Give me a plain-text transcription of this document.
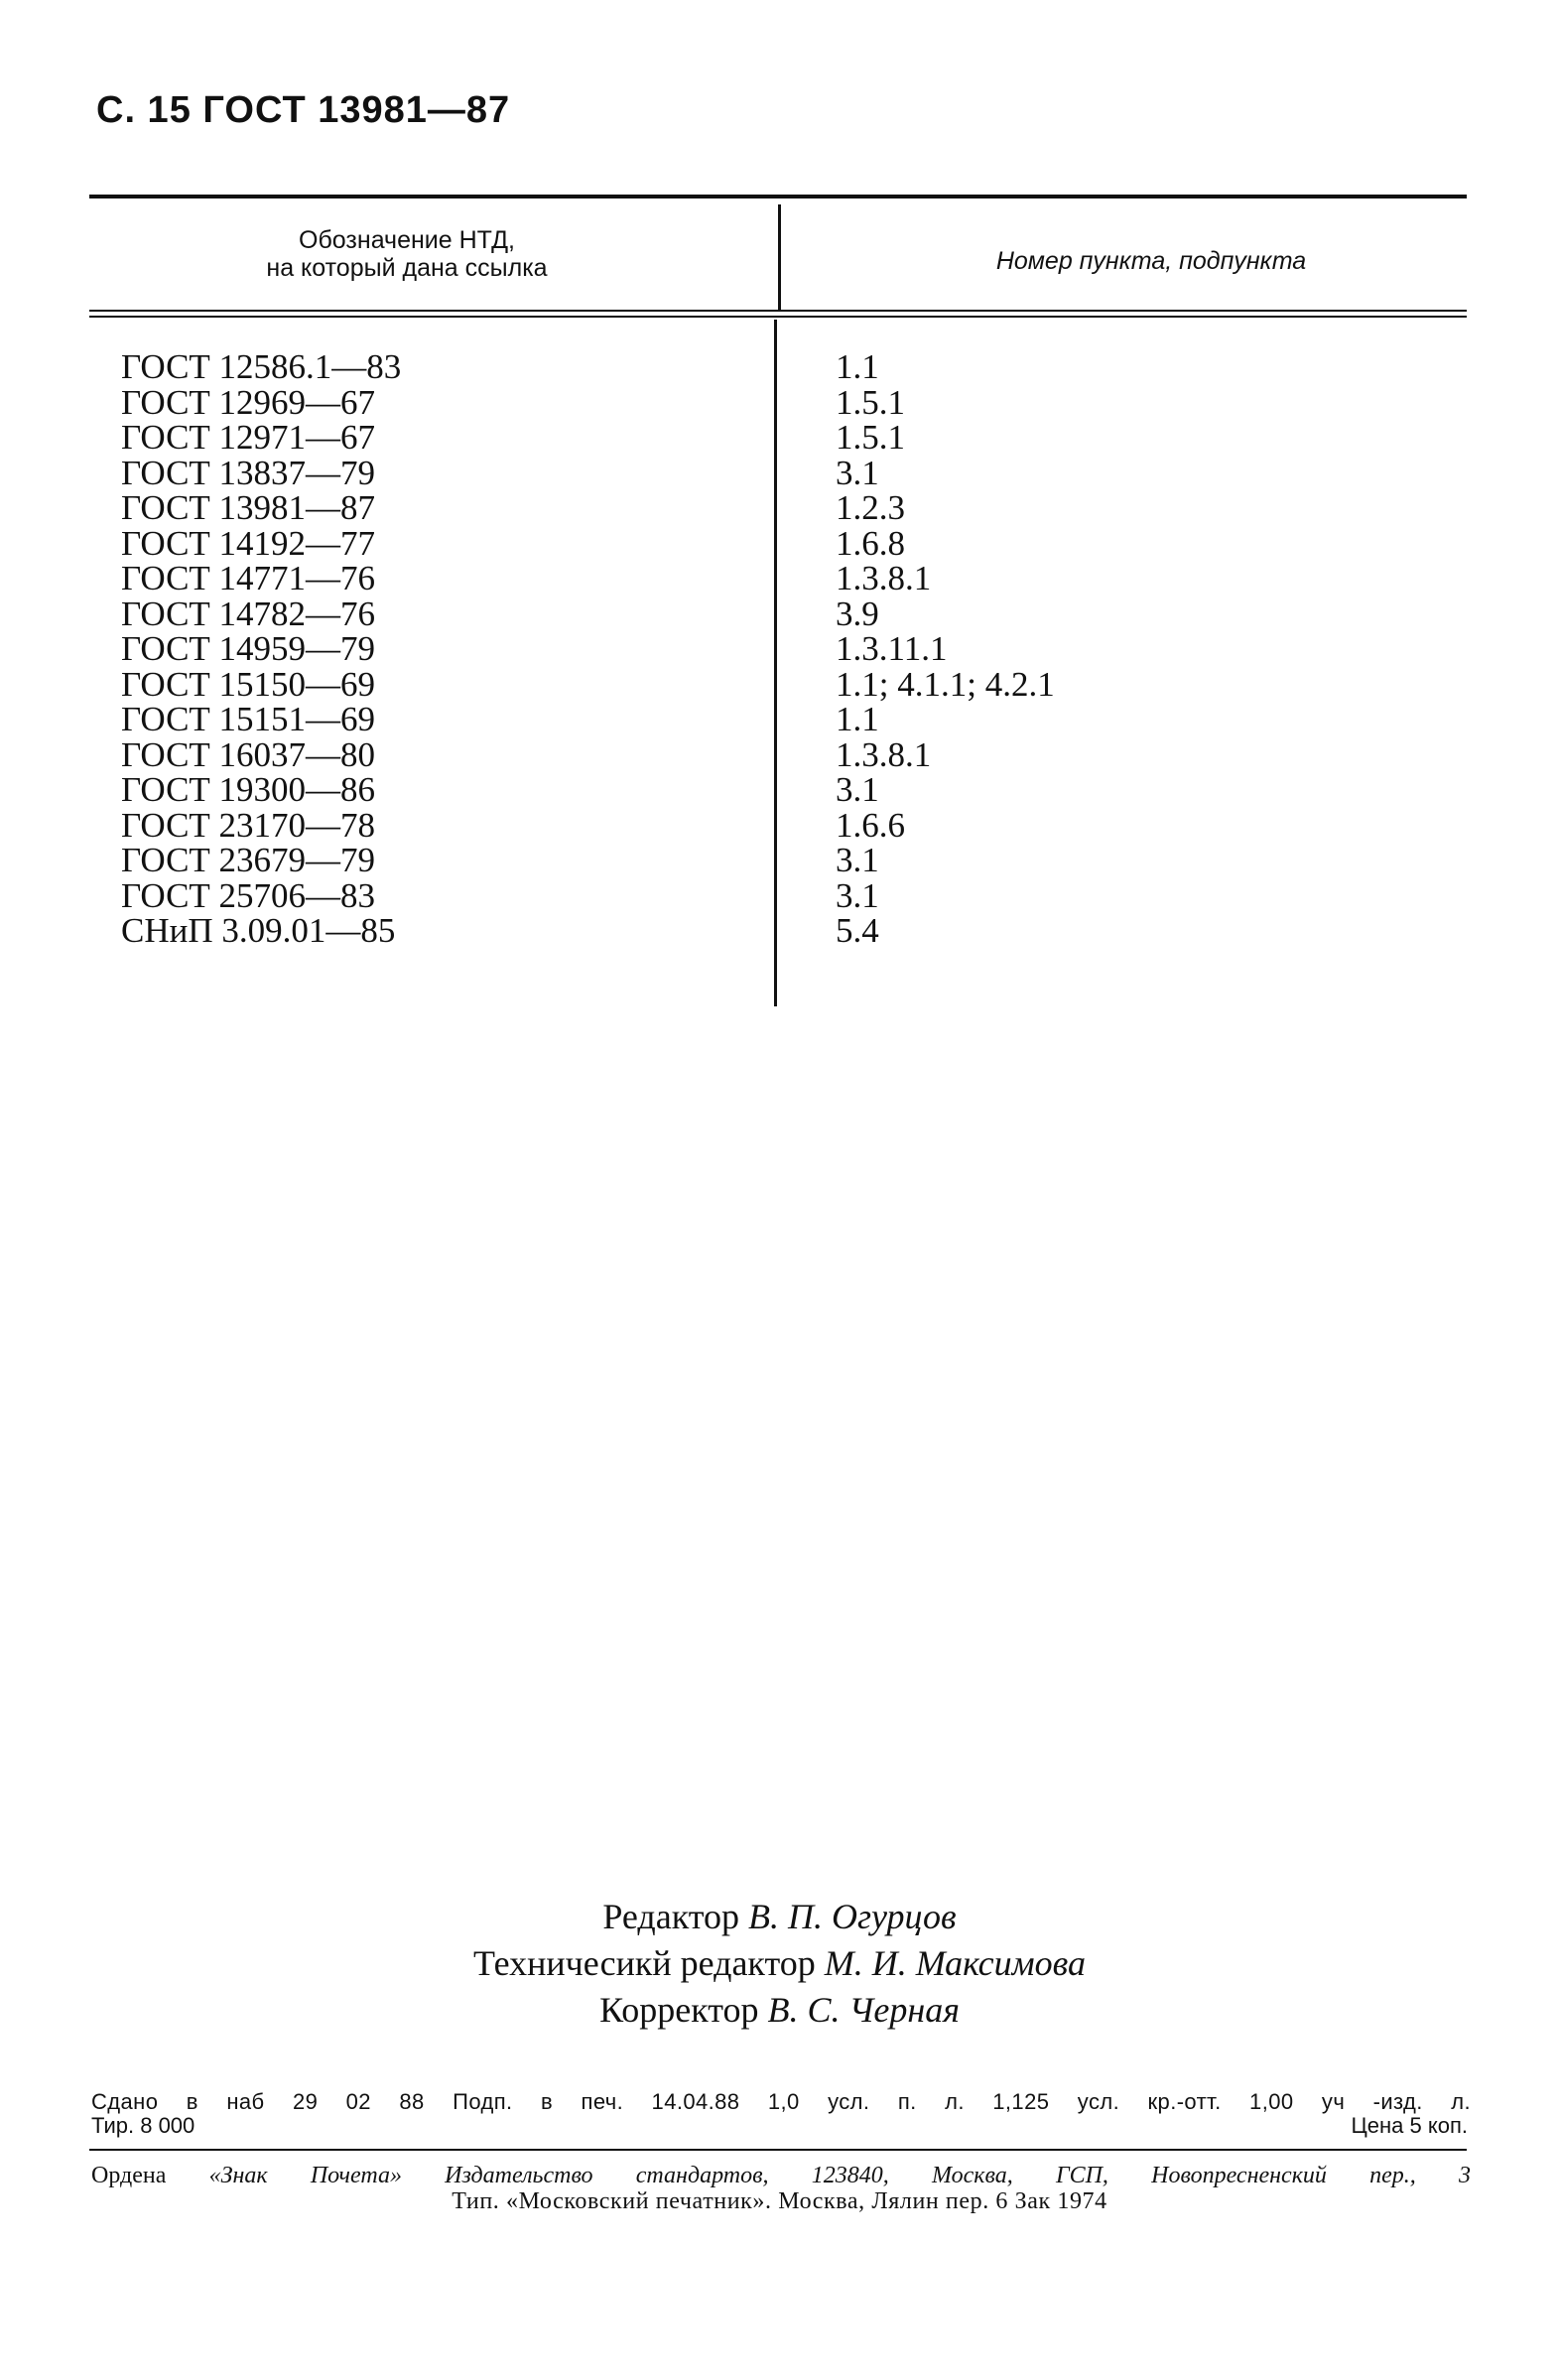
С. 15 ГОСТ 13981—87
Обозначение НТД,
на который дана ссылка	Номер пункта, подпункта
ГОСТ 12586.1—83
ГОСТ 12969—67
ГОСТ 12971—67
ГОСТ 13837—79
ГОСТ 13981—87
ГОСТ 14192—77
ГОСТ 14771—76
ГОСТ 14782—76
ГОСТ 14959—79
ГОСТ 15150—69
ГОСТ 15151—69
ГОСТ 16037—80
ГОСТ 19300—86
ГОСТ 23170—78
ГОСТ 23679—79
ГОСТ 25706—83
СНиП 3.09.01—85
1.1
1.5.1
1.5.1
3.1
1.2.3
1.6.8
1.3.8.1
3.9
1.3.11.1
1.1; 4.1.1; 4.2.1
1.1
1.3.8.1
3.1
1.6.6
3.1
3.1
5.4
Редактор В. П. Огурцов
Техничесикй редактор М. И. Максимова
Корректор В. С. Черная
Сдано в наб 29 02 88 Подп. в печ. 14.04.88 1,0 усл. п. л. 1,125 усл. кр.-отт. 1,00 уч -изд. л.
Тир. 8 000	Цена 5 коп.
Ордена «Знак Почета» Издательство стандартов, 123840, Москва, ГСП, Новопресненский пер., 3
Тип. «Московский печатник». Москва, Лялин пер. 6 Зак 1974
